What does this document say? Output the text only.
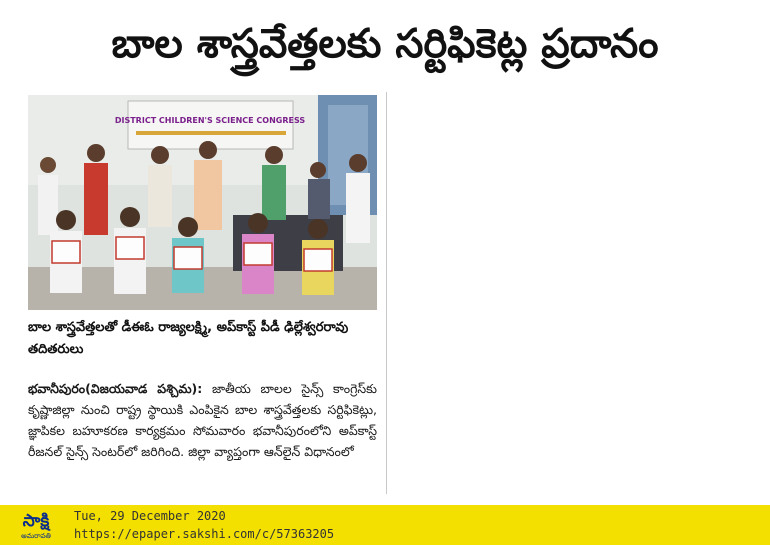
బాల శాస్త్రవేత్తలకు సర్టిఫికెట్ల ప్రదానం
DISTRICT CHILDREN'S SCIENCE CONGRESS
బాల శాస్త్రవేత్తలతో డీఈఓ రాజ్యలక్ష్మి, అప్‌కాస్ట్ పీడీ ఢిల్లేశ్వరరావు తదితరులు
భవానీపురం(విజయవాడ పశ్చిమ): జాతీయ బాలల సైన్స్ కాంగ్రెస్‌కు కృష్ణాజిల్లా నుంచి రాష్ట్ర స్థాయికి ఎంపికైన బాల శాస్త్రవేత్తలకు సర్టిఫికెట్లు, జ్ఞాపికల బహూకరణ కార్యక్రమం సోమవారం భవానీపురంలోని అప్‌కాస్ట్ రీజనల్ సైన్స్ సెంటర్‌లో జరిగింది. జిల్లా వ్యాప్తంగా ఆన్‌లైన్ విధానంలో
సాక్షి
అమరావతి
Tue, 29 December 2020
https://epaper.sakshi.com/c/57363205
